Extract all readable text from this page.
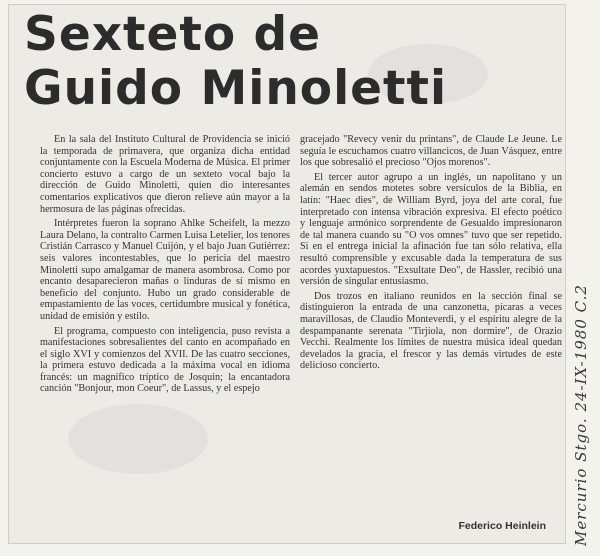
Sexteto de
Guido Minoletti

En la sala del Instituto Cultural de Providencia se inició la temporada de primavera, que organiza dicha entidad conjuntamente con la Escuela Moderna de Música. El primer concierto estuvo a cargo de un sexteto vocal bajo la dirección de Guido Minoletti, quien dio interesantes comentarios explicativos que dieron relieve aún mayor a la hermosura de las páginas ofrecidas.

Intérpretes fueron la soprano Ahlke Scheifelt, la mezzo Laura Delano, la contralto Carmen Luisa Letelier, los tenores Cristián Carrasco y Manuel Cuijón, y el bajo Juan Gutiérrez: seis valores incontestables, que lo pericia del maestro Minoletti supo amalgamar de manera asombrosa. Como por encanto desaparecieron mañas o linduras de sí mismo en beneficio del conjunto. Hubo un grado considerable de empastamiento de las voces, certidumbre musical y fonética, unidad de emisión y estilo.

El programa, compuesto con inteligencia, puso revista a manifestaciones sobresalientes del canto en acompañado en el siglo XVI y comienzos del XVII. De las cuatro secciones, la primera estuvo dedicada a la máxima vocal en idioma francés: un magnífico tríptico de Josquin; la encantadora canción "Bonjour, mon Coeur", de Lassus, y el espejo

gracejado "Revecy venir du printans", de Claude Le Jeune. Le seguía le escuchamos cuatro villancicos, de Juan Vásquez, entre los que sobresalió el precioso "Ojos morenos".

El tercer autor agrupo a un inglés, un napolitano y un alemán en sendos motetes sobre versículos de la Biblia, en latín: "Haec dies", de William Byrd, joya del arte coral, fue interpretado con intensa vibración expresiva. El efecto poético y lenguaje armónico sorprendente de Gesualdo impresionaron de tal manera cuando su "O vos omnes" tuvo que ser repetido. Si en el entrega inicial la afinación fue tan sólo relativa, ella resultó comprensible y excusable dada la temperatura de sus acordes yuxtapuestos. "Exsultate Deo", de Hassler, recibió una versión de singular entusiasmo.

Dos trozos en italiano reunidos en la sección final se distinguieron la entrada de una canzonetta, pícaras a veces maravillosas, de Claudio Monteverdi, y el espíritu alegre de la despampanante serenata "Tirjiola, non dormire", de Orazio Vecchi. Realmente los límites de nuestra música ideal quedan develados la gracia, el frescor y las demás virtudes de este delicioso concierto.

Federico Heinlein Mercurio Stgo. 24-IX-1980 C.2
